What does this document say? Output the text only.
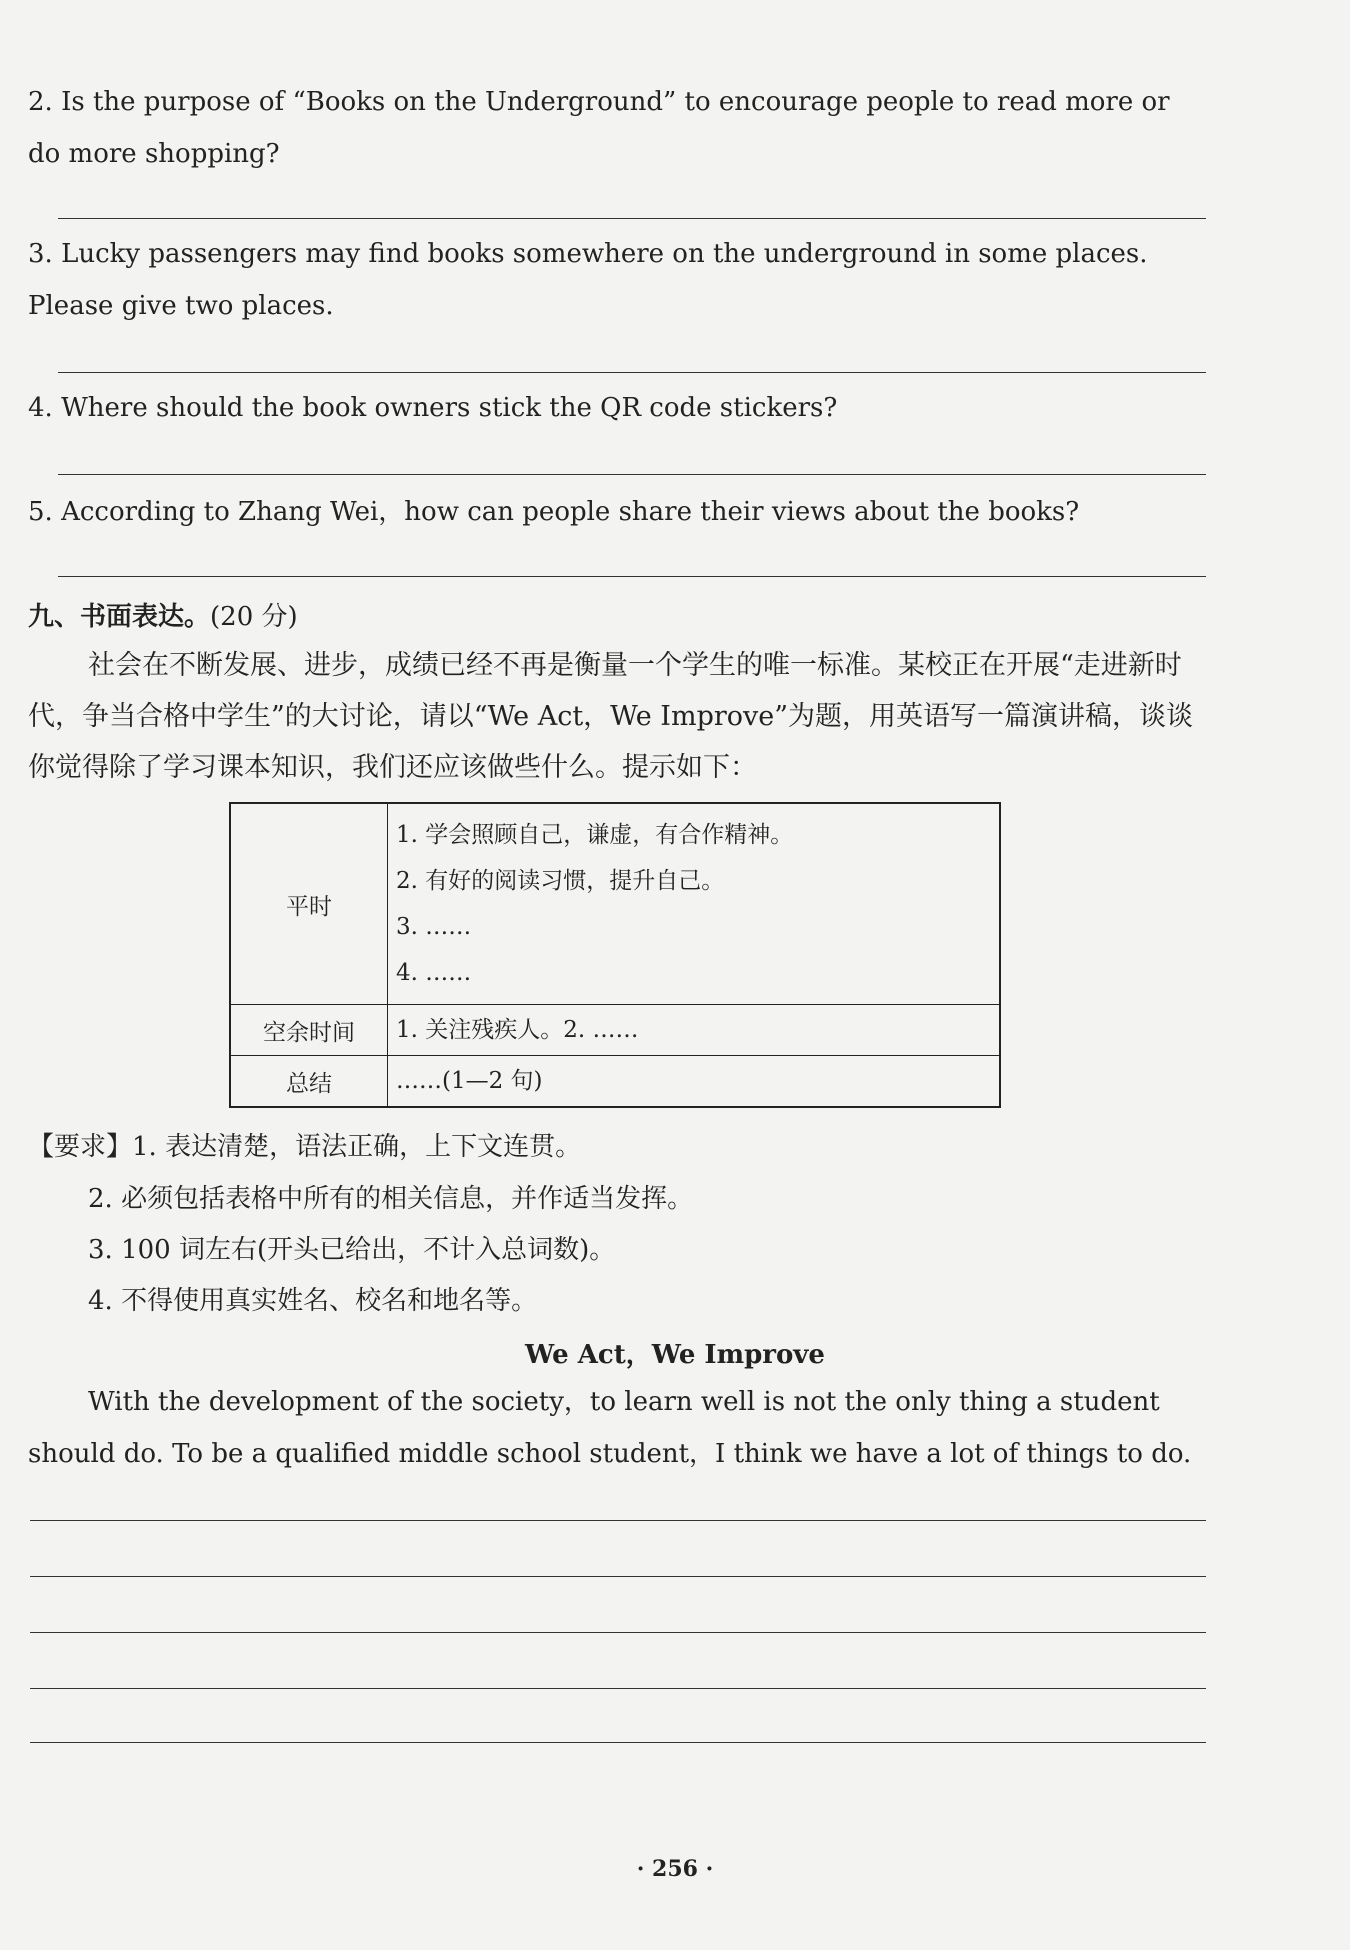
2. Is the purpose of “Books on the Underground” to encourage people to read more or do more shopping?
3. Lucky passengers may find books somewhere on the underground in some places. Please give two places.
4. Where should the book owners stick the QR code stickers?
5. According to Zhang Wei，how can people share their views about the books?
九、书面表达。(20 分)
社会在不断发展、进步，成绩已经不再是衡量一个学生的唯一标准。某校正在开展“走进新时代，争当合格中学生”的大讨论，请以“We Act，We Improve”为题，用英语写一篇演讲稿，谈谈你觉得除了学习课本知识，我们还应该做些什么。提示如下：
平时	1. 学会照顾自己，谦虚，有合作精神。
2. 有好的阅读习惯，提升自己。
3. ……
4. ……

空余时间	1. 关注残疾人。2. ……

总结	……(1—2 句)
【要求】1. 表达清楚，语法正确，上下文连贯。
2. 必须包括表格中所有的相关信息，并作适当发挥。
3. 100 词左右(开头已给出，不计入总词数)。
4. 不得使用真实姓名、校名和地名等。
We Act，We Improve
With the development of the society，to learn well is not the only thing a student should do. To be a qualified middle school student，I think we have a lot of things to do.
· 256 ·
